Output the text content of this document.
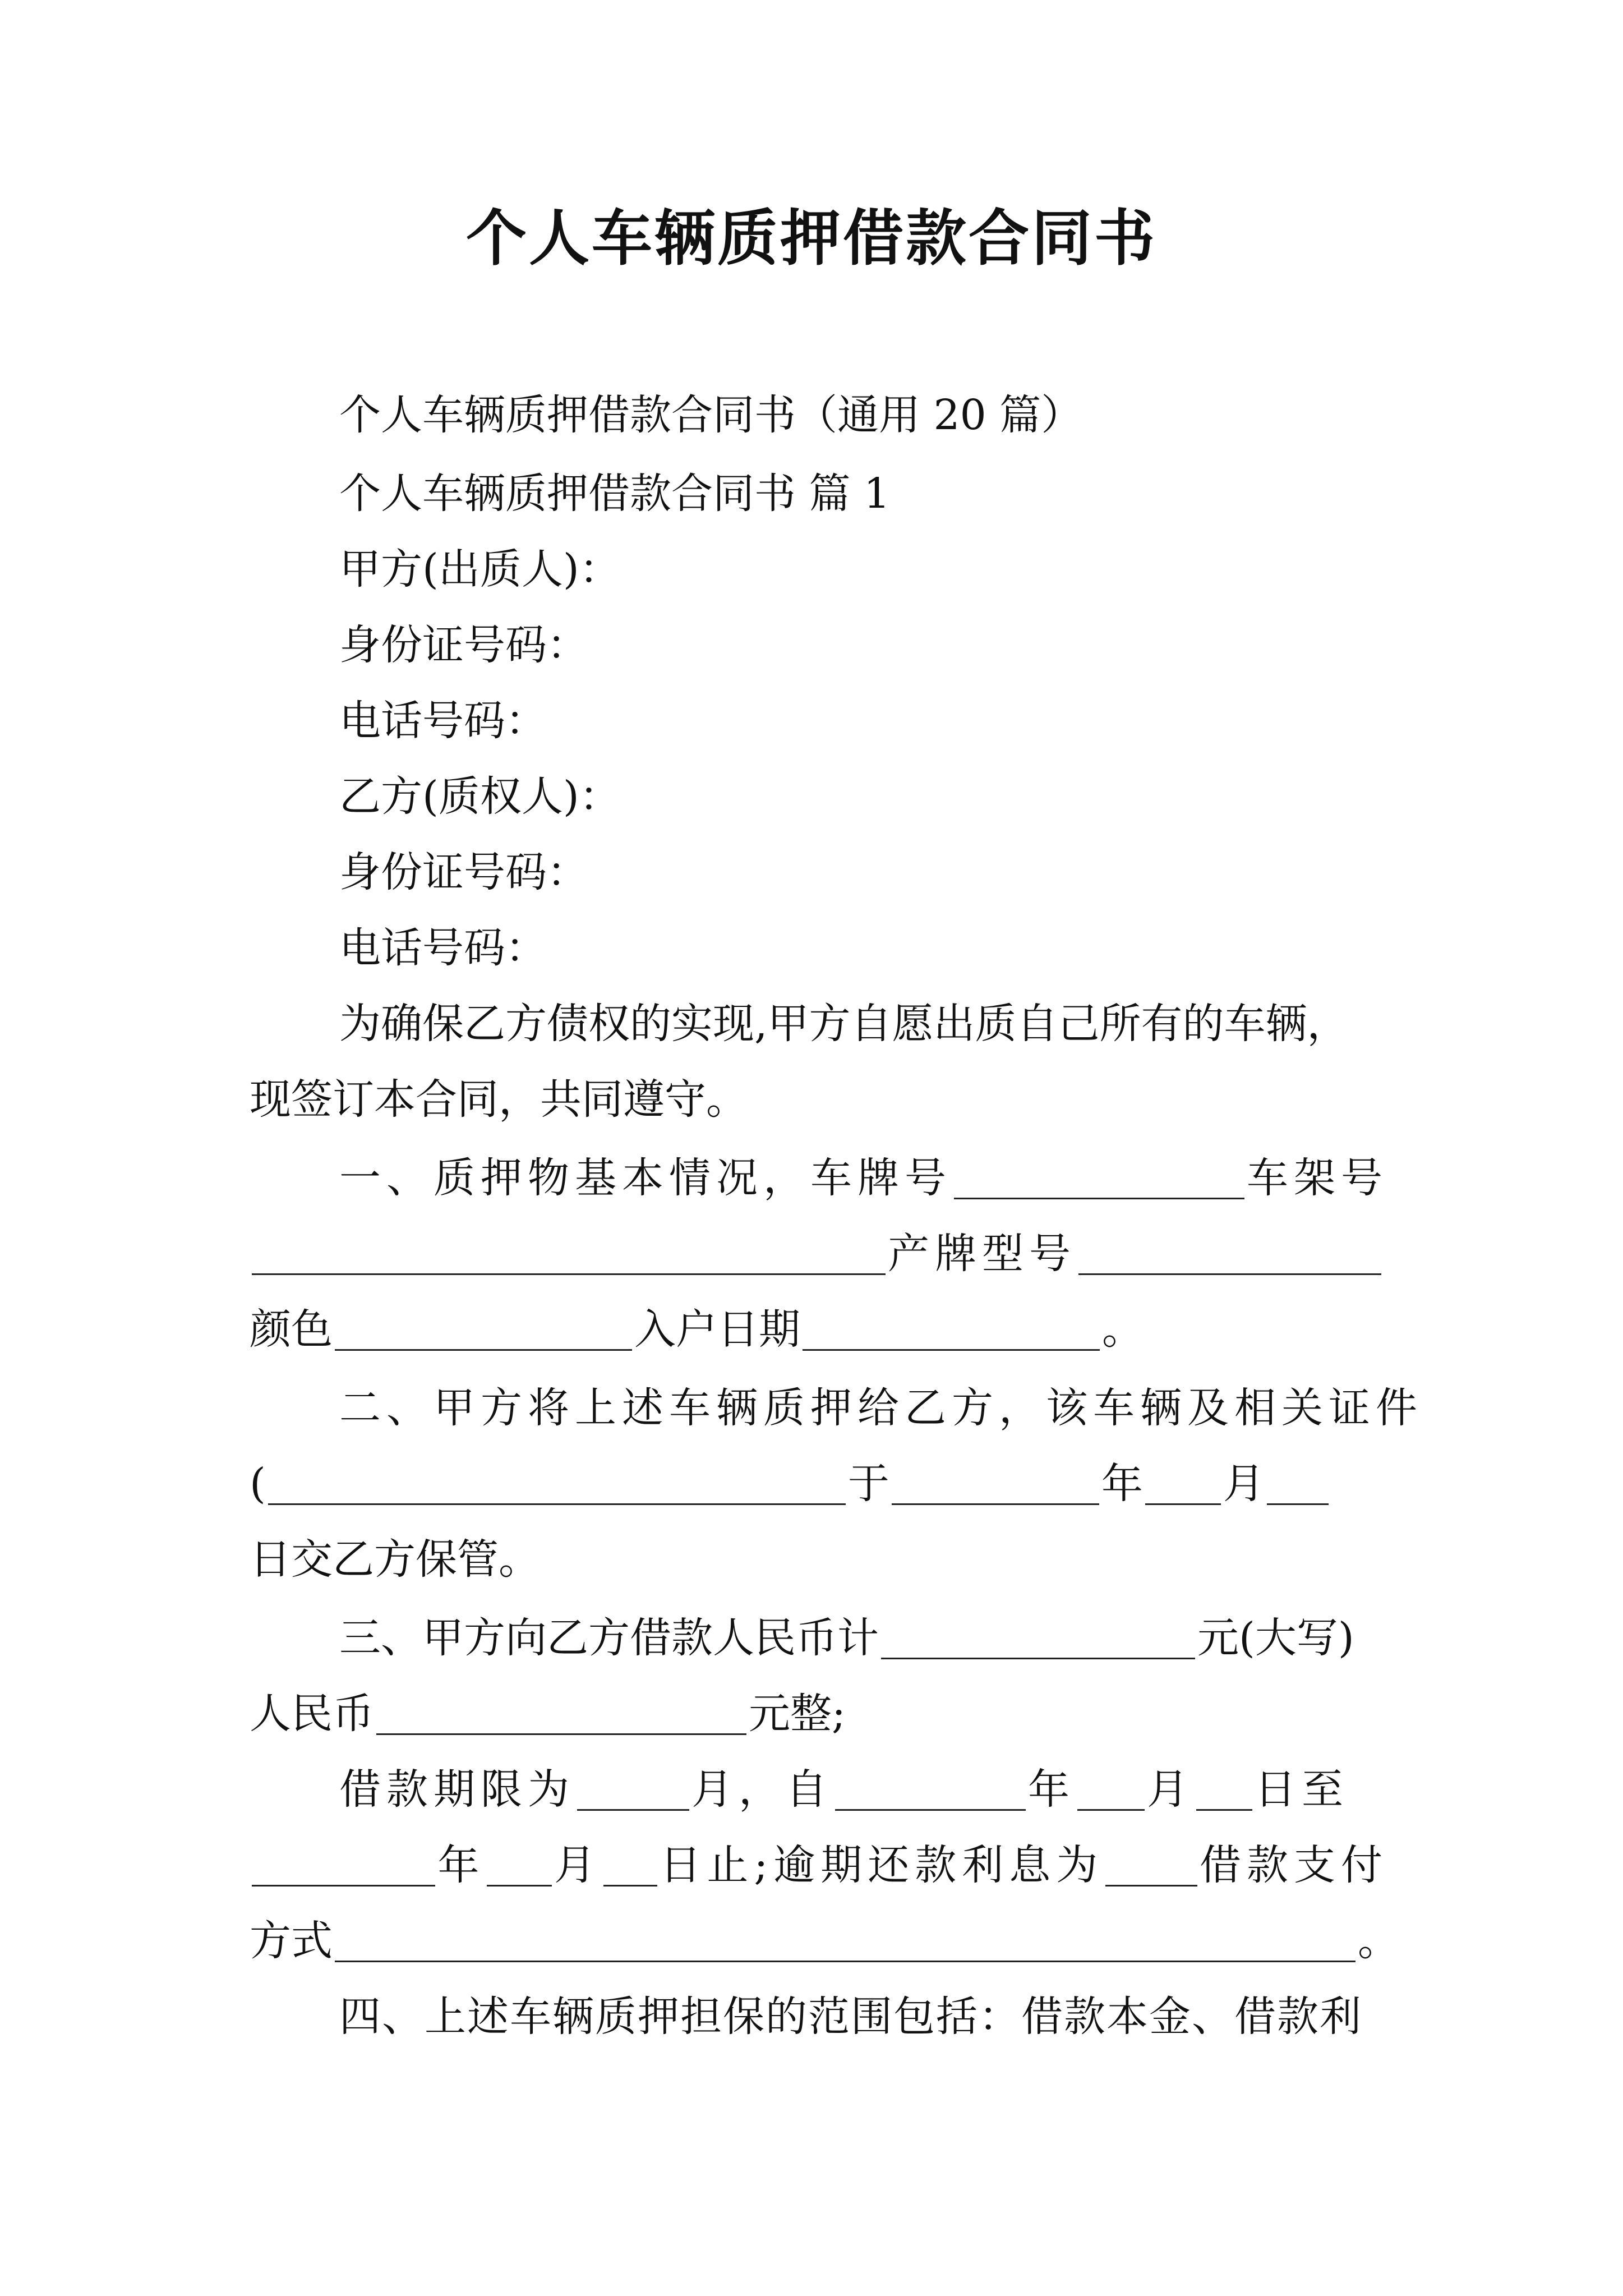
个人车辆质押借款合同书
个人车辆质押借款合同书（通用 20 篇）
个人车辆质押借款合同书 篇 1
甲方(出质人)：
身份证号码：
电话号码：
乙方(质权人)：
身份证号码：
电话号码：
为确保乙方债权的实现,甲方自愿出质自己所有的车辆，
现签订本合同，共同遵守。
一、质押物基本情况，车牌号	车架号
产牌型号
颜色	入户日期	。
二、甲方将上述车辆质押给乙方，该车辆及相关证件
(	于	年 月
日交乙方保管。
三、甲方向乙方借款人民币计	元(大写)
人民币	元整;
借款期限为	月，自	年 月 日至
年 月 日止;逾期还款利息为 借款支付
方式	。
四、上述车辆质押担保的范围包括：借款本金、借款利
